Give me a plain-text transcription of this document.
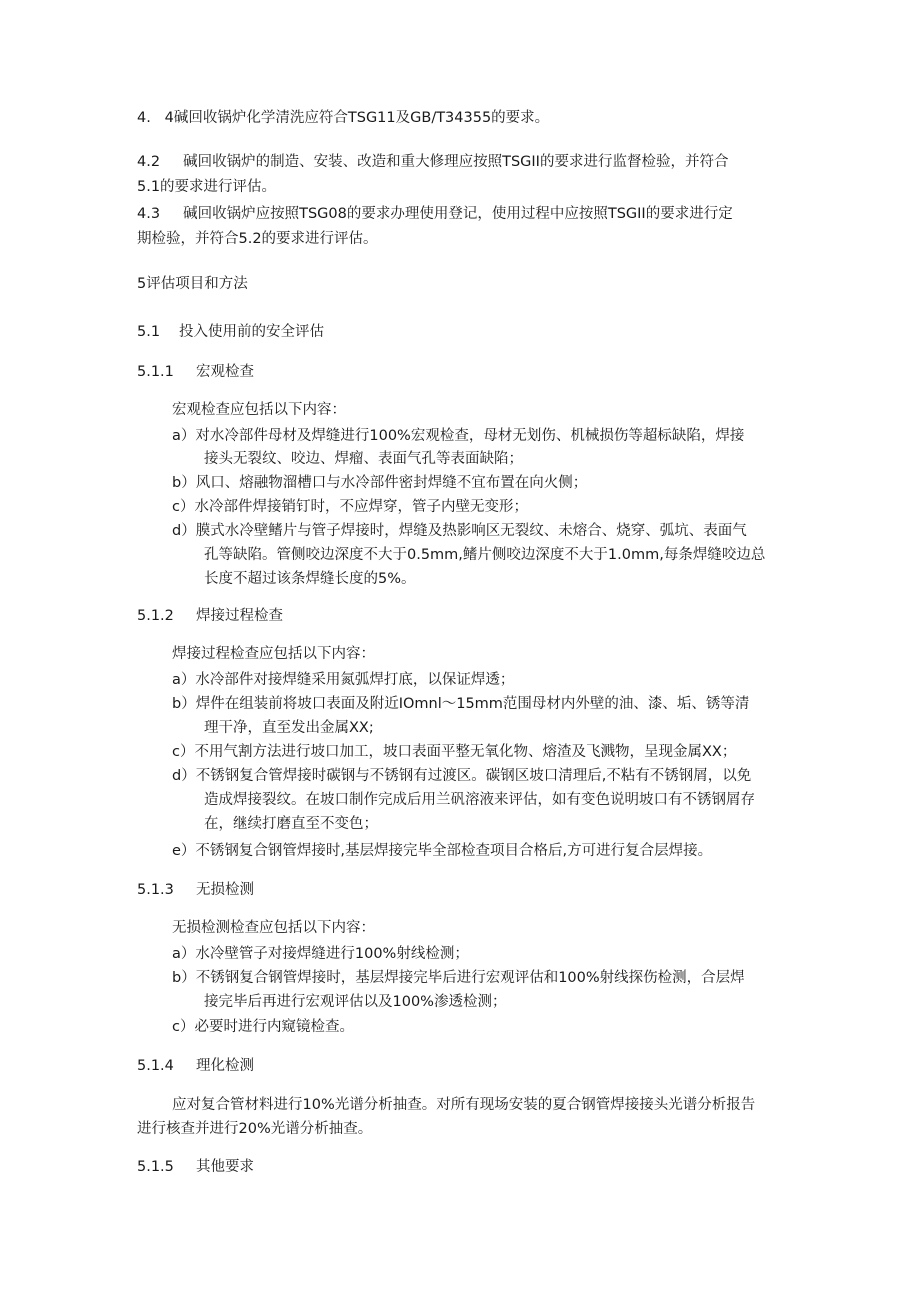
4.   4碱回收锅炉化学清洗应符合TSG11及GB/T34355的要求。
4.2     碱回收锅炉的制造、安装、改造和重大修理应按照TSGII的要求进行监督检验，并符合
5.1的要求进行评估。
4.3     碱回收锅炉应按照TSG08的要求办理使用登记，使用过程中应按照TSGII的要求进行定
期检验，并符合5.2的要求进行评估。
5评估项目和方法
5.1 投入使用前的安全评估
5.1.1 宏观检查
宏观检查应包括以下内容：
a）对水冷部件母材及焊缝进行100%宏观检查，母材无划伤、机械损伤等超标缺陷，焊接
接头无裂纹、咬边、焊瘤、表面气孔等表面缺陷；
b）风口、熔融物溜槽口与水冷部件密封焊缝不宜布置在向火侧；
c）水冷部件焊接销钉时，不应焊穿，管子内壁无变形；
d）膜式水冷壁鳍片与管子焊接时，焊缝及热影响区无裂纹、未熔合、烧穿、弧坑、表面气
孔等缺陷。管侧咬边深度不大于0.5mm,鳍片侧咬边深度不大于1.0mm,每条焊缝咬边总
长度不超过该条焊缝长度的5%。
5.1.2 焊接过程检查
焊接过程检查应包括以下内容：
a）水冷部件对接焊缝采用氮弧焊打底，以保证焊透；
b）焊件在组装前将坡口表面及附近IOmnl～15mm范围母材内外壁的油、漆、垢、锈等清
理干净，直至发出金属XX;
c）不用气割方法进行坡口加工，坡口表面平整无氧化物、熔渣及飞溅物，呈现金属XX；
d）不锈钢复合管焊接时碳钢与不锈钢有过渡区。碳钢区坡口清理后,不粘有不锈钢屑，以免
造成焊接裂纹。在坡口制作完成后用兰矾溶液来评估，如有变色说明坡口有不锈钢屑存
在，继续打磨直至不变色；
e）不锈钢复合钢管焊接时,基层焊接完毕全部检查项目合格后,方可进行复合层焊接。
5.1.3 无损检测
无损检测检查应包括以下内容：
a）水冷壁管子对接焊缝进行100%射线检测；
b）不锈钢复合钢管焊接时，基层焊接完毕后进行宏观评估和100%射线探伤检测，合层焊
接完毕后再进行宏观评估以及100%渗透检测；
c）必要时进行内窥镜检查。
5.1.4 理化检测
应对复合管材料进行10%光谱分析抽查。对所有现场安装的夏合钢管焊接接头光谱分析报告
进行核查并进行20%光谱分析抽查。
5.1.5 其他要求
